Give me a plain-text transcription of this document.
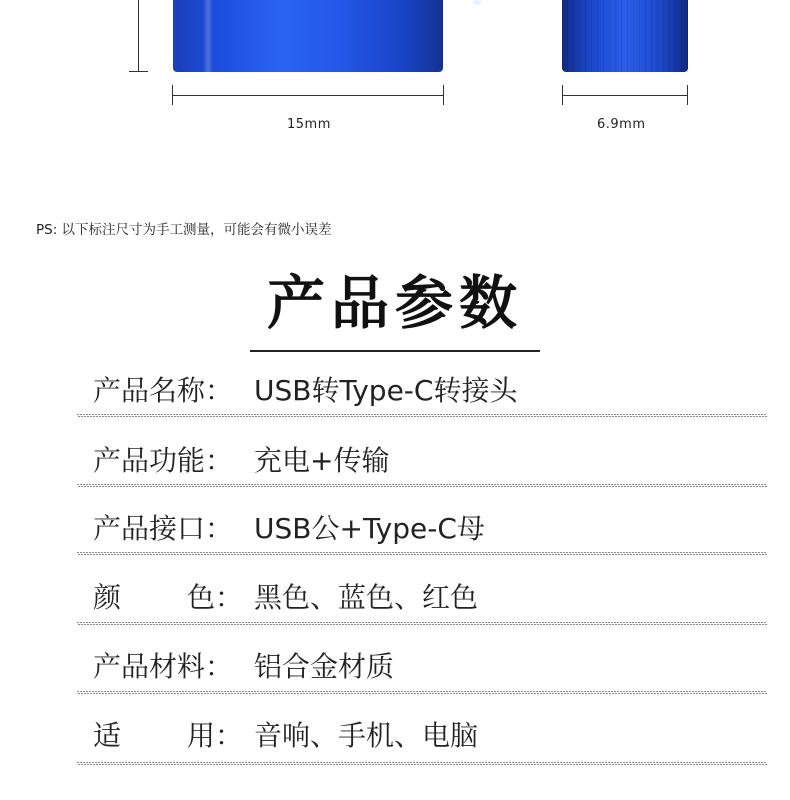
15mm	6.9mm
PS: 以下标注尺寸为手工测量，可能会有微小误差
产品参数
产品名称： USB转Type-C转接头
产品功能： 充电+传输
产品接口： USB公+Type-C母
颜 色： 黑色、蓝色、红色
产品材料： 铝合金材质
适 用： 音响、手机、电脑
